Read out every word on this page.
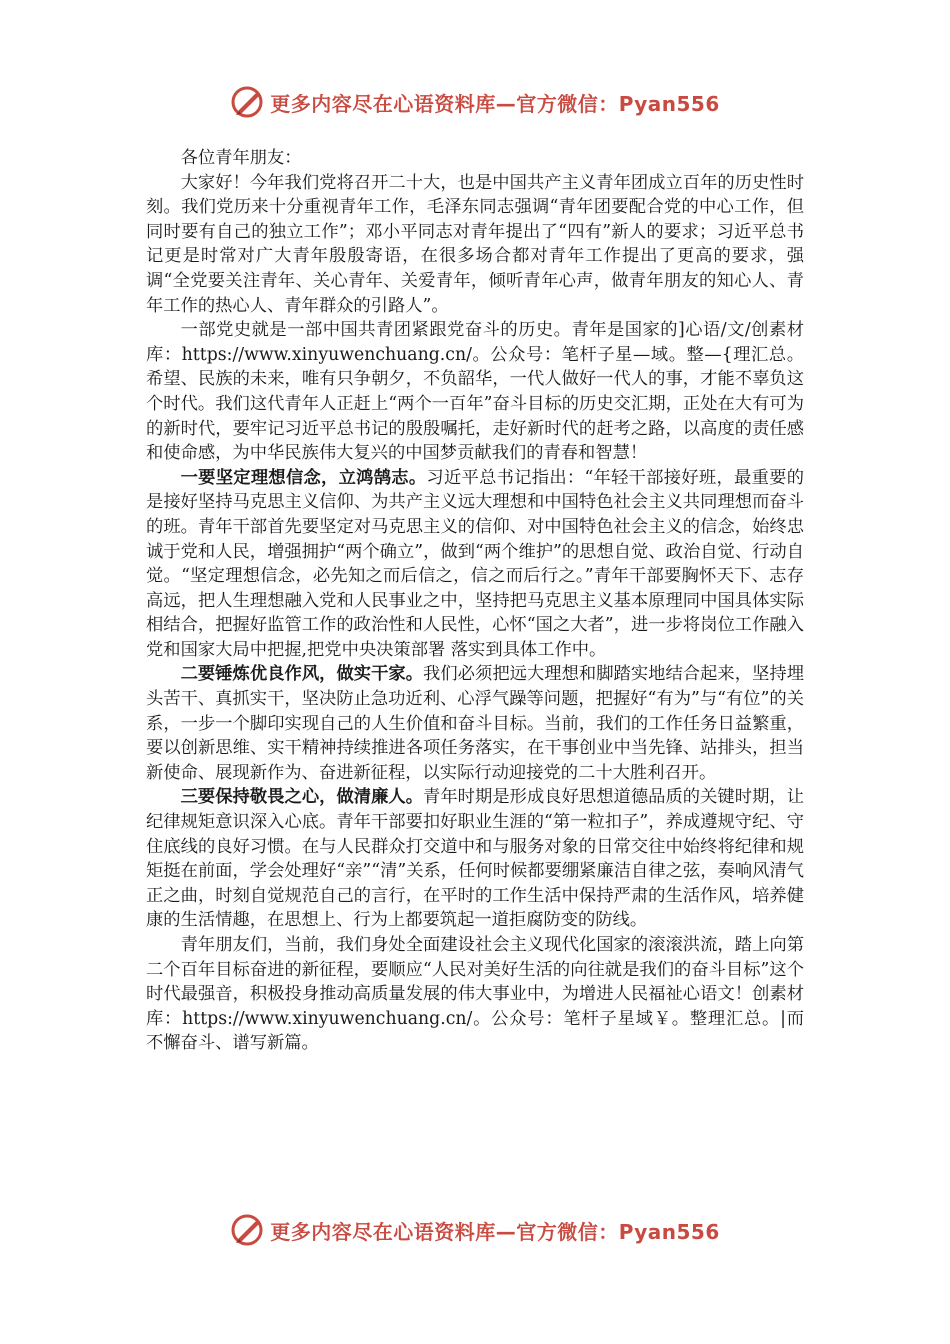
更多内容尽在心语资料库—官方微信：Pyan556

各位青年朋友：

大家好！今年我们党将召开二十大，也是中国共产主义青年团成立百年的历史性时刻。我们党历来十分重视青年工作，毛泽东同志强调“青年团要配合党的中心工作，但同时要有自己的独立工作”；邓小平同志对青年提出了“四有”新人的要求；习近平总书记更是时常对广大青年殷殷寄语，在很多场合都对青年工作提出了更高的要求，强调“全党要关注青年、关心青年、关爱青年，倾听青年心声，做青年朋友的知心人、青年工作的热心人、青年群众的引路人”。

一部党史就是一部中国共青团紧跟党奋斗的历史。青年是国家的]心语/文/创素材库：https://www.xinyuwenchuang.cn/。公众号：笔杆子星—域。整—{理汇总。希望、民族的未来，唯有只争朝夕，不负韶华，一代人做好一代人的事，才能不辜负这个时代。我们这代青年人正赶上“两个一百年”奋斗目标的历史交汇期，正处在大有可为的新时代，要牢记习近平总书记的殷殷嘱托，走好新时代的赶考之路，以高度的责任感和使命感，为中华民族伟大复兴的中国梦贡献我们的青春和智慧！

一要坚定理想信念，立鸿鹄志。习近平总书记指出：“年轻干部接好班，最重要的是接好坚持马克思主义信仰、为共产主义远大理想和中国特色社会主义共同理想而奋斗的班。青年干部首先要坚定对马克思主义的信仰、对中国特色社会主义的信念，始终忠诚于党和人民，增强拥护“两个确立”，做到“两个维护”的思想自觉、政治自觉、行动自觉。“坚定理想信念，必先知之而后信之，信之而后行之。”青年干部要胸怀天下、志存高远，把人生理想融入党和人民事业之中，坚持把马克思主义基本原理同中国具体实际相结合，把握好监管工作的政治性和人民性，心怀“国之大者”，进一步将岗位工作融入党和国家大局中把握,把党中央决策部署 落实到具体工作中。

二要锤炼优良作风，做实干家。我们必须把远大理想和脚踏实地结合起来，坚持埋头苦干、真抓实干，坚决防止急功近利、心浮气躁等问题，把握好“有为”与“有位”的关系，一步一个脚印实现自己的人生价值和奋斗目标。当前，我们的工作任务日益繁重，要以创新思维、实干精神持续推进各项任务落实，在干事创业中当先锋、站排头，担当新使命、展现新作为、奋进新征程，以实际行动迎接党的二十大胜利召开。

三要保持敬畏之心，做清廉人。青年时期是形成良好思想道德品质的关键时期，让纪律规矩意识深入心底。青年干部要扣好职业生涯的“第一粒扣子”，养成遵规守纪、守住底线的良好习惯。在与人民群众打交道中和与服务对象的日常交往中始终将纪律和规矩挺在前面，学会处理好“亲”“清”关系，任何时候都要绷紧廉洁自律之弦，奏响风清气正之曲，时刻自觉规范自己的言行，在平时的工作生活中保持严肃的生活作风，培养健康的生活情趣，在思想上、行为上都要筑起一道拒腐防变的防线。

青年朋友们，当前，我们身处全面建设社会主义现代化国家的滚滚洪流，踏上向第二个百年目标奋进的新征程，要顺应“人民对美好生活的向往就是我们的奋斗目标”这个时代最强音，积极投身推动高质量发展的伟大事业中，为增进人民福祉心语文！创素材库：https://www.xinyuwenchuang.cn/。公众号：笔杆子星域￥。整理汇总。|而不懈奋斗、谱写新篇。

更多内容尽在心语资料库—官方微信：Pyan556
